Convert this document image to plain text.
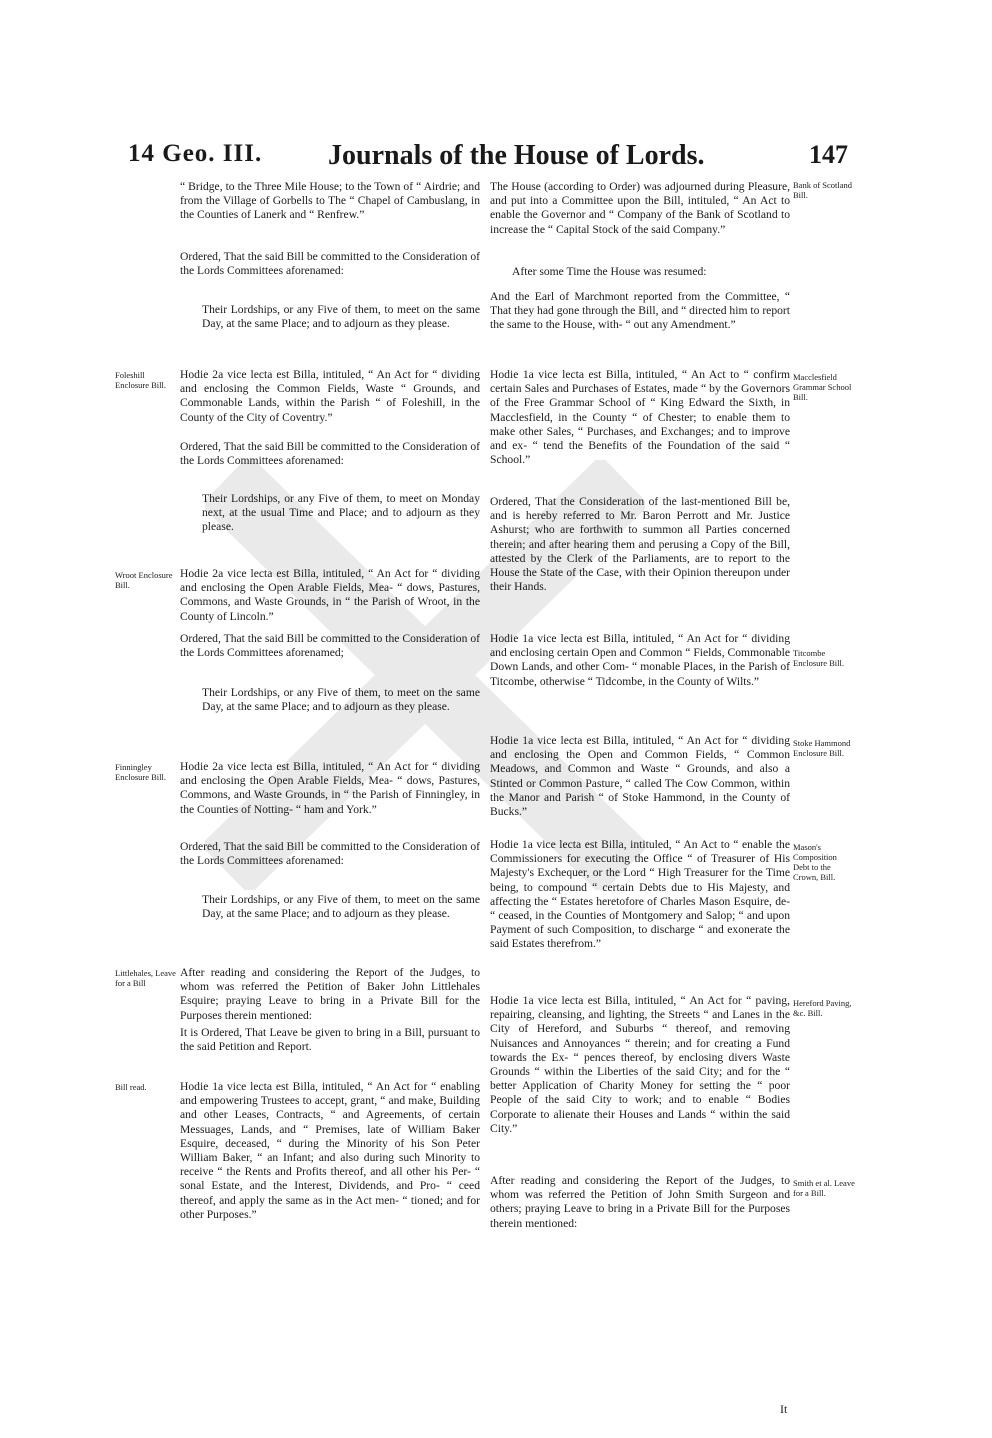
14 Geo. III. Journals of the House of Lords.	147

“ Bridge, to the Three Mile House; to the Town of “ Airdrie; and from the Village of Gorbells to The “ Chapel of Cambuslang, in the Counties of Lanerk and “ Renfrew.”

Ordered, That the said Bill be committed to the Consideration of the Lords Committees aforenamed:

Their Lordships, or any Five of them, to meet on the same Day, at the same Place; and to adjourn as they please.

Foleshill Enclosure Bill.

Hodie 2a vice lecta est Billa, intituled, “ An Act for “ dividing and enclosing the Common Fields, Waste “ Grounds, and Commonable Lands, within the Parish “ of Foleshill, in the County of the City of Coventry.”

Ordered, That the said Bill be committed to the Consideration of the Lords Committees aforenamed:

Their Lordships, or any Five of them, to meet on Monday next, at the usual Time and Place; and to adjourn as they please.

Wroot Enclosure Bill.

Hodie 2a vice lecta est Billa, intituled, “ An Act for “ dividing and enclosing the Open Arable Fields, Mea- “ dows, Pastures, Commons, and Waste Grounds, in “ the Parish of Wroot, in the County of Lincoln.”

Ordered, That the said Bill be committed to the Consideration of the Lords Committees aforenamed;

Their Lordships, or any Five of them, to meet on the same Day, at the same Place; and to adjourn as they please.

Finningley Enclosure Bill.

Hodie 2a vice lecta est Billa, intituled, “ An Act for “ dividing and enclosing the Open Arable Fields, Mea- “ dows, Pastures, Commons, and Waste Grounds, in “ the Parish of Finningley, in the Counties of Notting- “ ham and York.”

Ordered, That the said Bill be committed to the Consideration of the Lords Committees aforenamed:

Their Lordships, or any Five of them, to meet on the same Day, at the same Place; and to adjourn as they please.

Littlehales, Leave for a Bill

After reading and considering the Report of the Judges, to whom was referred the Petition of Baker John Littlehales Esquire; praying Leave to bring in a Private Bill for the Purposes therein mentioned:

It is Ordered, That Leave be given to bring in a Bill, pursuant to the said Petition and Report.

Bill read.	Hodie 1a vice lecta est Billa, intituled, “ An Act for “ enabling and empowering Trustees to accept, grant, “ and make, Building and other Leases, Contracts, “ and Agreements, of certain Messuages, Lands, and “ Premises, late of William Baker Esquire, deceased, “ during the Minority of his Son Peter William Baker, “ an Infant; and also during such Minority to receive “ the Rents and Profits thereof, and all other his Per- “ sonal Estate, and the Interest, Dividends, and Pro- “ ceed thereof, and apply the same as in the Act men- “ tioned; and for other Purposes.”

Bank of Scotland Bill.

The House (according to Order) was adjourned during Pleasure, and put into a Committee upon the Bill, intituled, “ An Act to enable the Governor and “ Company of the Bank of Scotland to increase the “ Capital Stock of the said Company.”

After some Time the House was resumed:

And the Earl of Marchmont reported from the Committee, “ That they had gone through the Bill, and “ directed him to report the same to the House, with- “ out any Amendment.”

Macclesfield Grammar School Bill.

Hodie 1a vice lecta est Billa, intituled, “ An Act to “ confirm certain Sales and Purchases of Estates, made “ by the Governors of the Free Grammar School of “ King Edward the Sixth, in Macclesfield, in the County “ of Chester; to enable them to make other Sales, “ Purchases, and Exchanges; and to improve and ex- “ tend the Benefits of the Foundation of the said “ School.”

Ordered, That the Consideration of the last-mentioned Bill be, and is hereby referred to Mr. Baron Perrott and Mr. Justice Ashurst; who are forthwith to summon all Parties concerned therein; and after hearing them and perusing a Copy of the Bill, attested by the Clerk of the Parliaments, are to report to the House the State of the Case, with their Opinion thereupon under their Hands.

Titcombe Enclosure Bill.

Hodie 1a vice lecta est Billa, intituled, “ An Act for “ dividing and enclosing certain Open and Common “ Fields, Commonable Down Lands, and other Com- “ monable Places, in the Parish of Titcombe, otherwise “ Tidcombe, in the County of Wilts.”

Stoke Hammond Enclosure Bill.

Hodie 1a vice lecta est Billa, intituled, “ An Act for “ dividing and enclosing the Open and Common Fields, “ Common Meadows, and Common and Waste “ Grounds, and also a Stinted or Common Pasture, “ called The Cow Common, within the Manor and Parish “ of Stoke Hammond, in the County of Bucks.”

Mason's Composition Debt to the Crown, Bill.

Hodie 1a vice lecta est Billa, intituled, “ An Act to “ enable the Commissioners for executing the Office “ of Treasurer of His Majesty's Exchequer, or the Lord “ High Treasurer for the Time being, to compound “ certain Debts due to His Majesty, and affecting the “ Estates heretofore of Charles Mason Esquire, de- “ ceased, in the Counties of Montgomery and Salop; “ and upon Payment of such Composition, to discharge “ and exonerate the said Estates therefrom.”

Hereford Paving, &c. Bill.

Hodie 1a vice lecta est Billa, intituled, “ An Act for “ paving, repairing, cleansing, and lighting, the Streets “ and Lanes in the City of Hereford, and Suburbs “ thereof, and removing Nuisances and Annoyances “ therein; and for creating a Fund towards the Ex- “ pences thereof, by enclosing divers Waste Grounds “ within the Liberties of the said City; and for the “ better Application of Charity Money for setting the “ poor People of the said City to work; and to enable “ Bodies Corporate to alienate their Houses and Lands “ within the said City.”

Smith et al. Leave for a Bill.

After reading and considering the Report of the Judges, to whom was referred the Petition of John Smith Surgeon and others; praying Leave to bring in a Private Bill for the Purposes therein mentioned:

It
